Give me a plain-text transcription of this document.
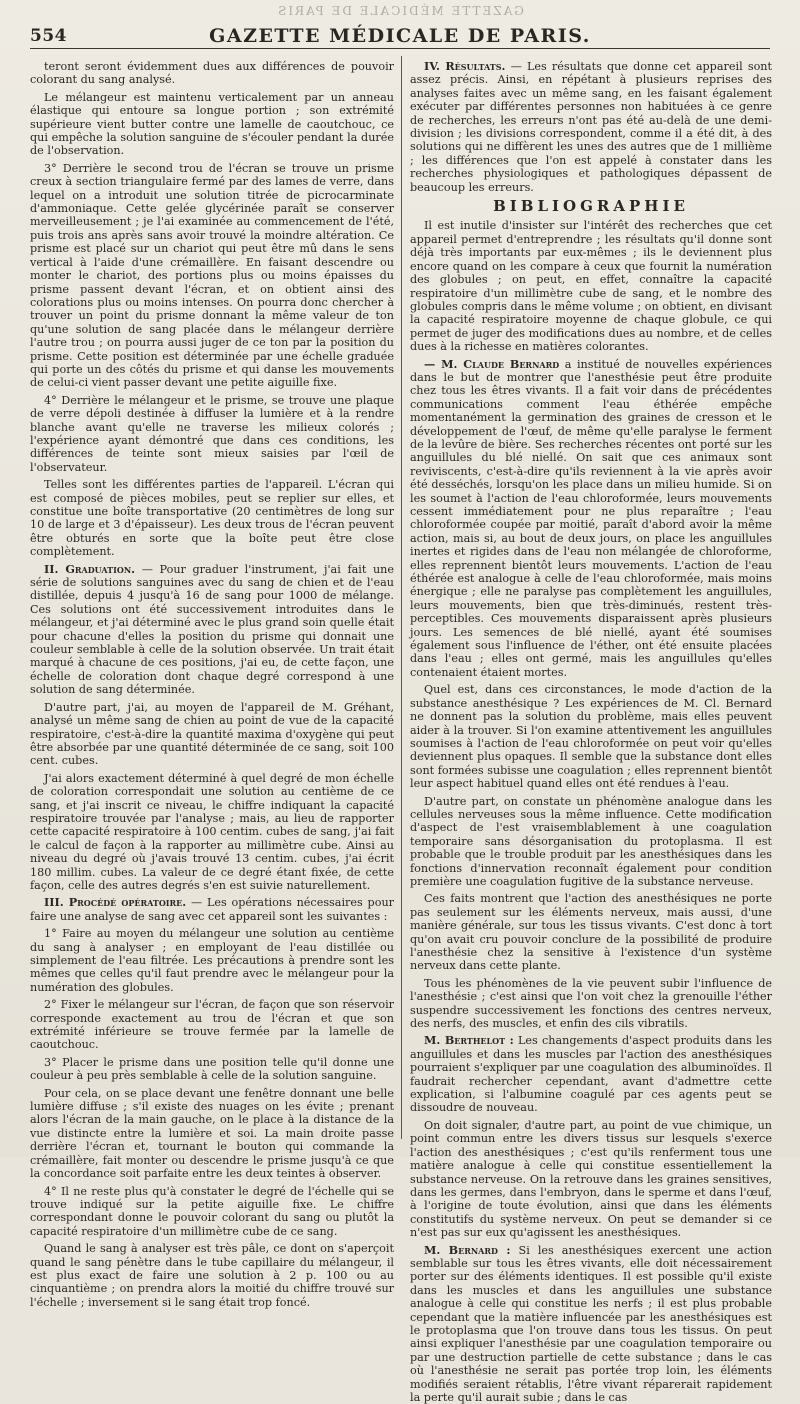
GAZETTE MÉDICALE DE PARIS
554	GAZETTE MÉDICALE DE PARIS.

teront seront évidemment dues aux différences de pouvoir colorant du sang analysé.

Le mélangeur est maintenu verticalement par un anneau élastique qui entoure sa longue portion ; son extrémité supérieure vient butter contre une lamelle de caoutchouc, ce qui empêche la solution sanguine de s'écouler pendant la durée de l'observation.

3° Derrière le second trou de l'écran se trouve un prisme creux à section triangulaire fermé par des lames de verre, dans lequel on a introduit une solution titrée de picrocarminate d'ammoniaque. Cette gelée glycérinée paraît se conserver merveilleusement ; je l'ai examinée au commencement de l'été, puis trois ans après sans avoir trouvé la moindre altération. Ce prisme est placé sur un chariot qui peut être mû dans le sens vertical à l'aide d'une crémaillère. En faisant descendre ou monter le chariot, des portions plus ou moins épaisses du prisme passent devant l'écran, et on obtient ainsi des colorations plus ou moins intenses. On pourra donc chercher à trouver un point du prisme donnant la même valeur de ton qu'une solution de sang placée dans le mélangeur derrière l'autre trou ; on pourra aussi juger de ce ton par la position du prisme. Cette position est déterminée par une échelle graduée qui porte un des côtés du prisme et qui danse les mouvements de celui-ci vient passer devant une petite aiguille fixe.

4° Derrière le mélangeur et le prisme, se trouve une plaque de verre dépoli destinée à diffuser la lumière et à la rendre blanche avant qu'elle ne traverse les milieux colorés ; l'expérience ayant démontré que dans ces conditions, les différences de teinte sont mieux saisies par l'œil de l'observateur.

Telles sont les différentes parties de l'appareil. L'écran qui est composé de pièces mobiles, peut se replier sur elles, et constitue une boîte transportative (20 centimètres de long sur 10 de large et 3 d'épaisseur). Les deux trous de l'écran peuvent être obturés en sorte que la boîte peut être close complètement.

II. Graduation. — Pour graduer l'instrument, j'ai fait une série de solutions sanguines avec du sang de chien et de l'eau distillée, depuis 4 jusqu'à 16 de sang pour 1000 de mélange. Ces solutions ont été successivement introduites dans le mélangeur, et j'ai déterminé avec le plus grand soin quelle était pour chacune d'elles la position du prisme qui donnait une couleur semblable à celle de la solution observée. Un trait était marqué à chacune de ces positions, j'ai eu, de cette façon, une échelle de coloration dont chaque degré correspond à une solution de sang déterminée.

D'autre part, j'ai, au moyen de l'appareil de M. Gréhant, analysé un même sang de chien au point de vue de la capacité respiratoire, c'est-à-dire la quantité maxima d'oxygène qui peut être absorbée par une quantité déterminée de ce sang, soit 100 cent. cubes.

J'ai alors exactement déterminé à quel degré de mon échelle de coloration correspondait une solution au centième de ce sang, et j'ai inscrit ce niveau, le chiffre indiquant la capacité respiratoire trouvée par l'analyse ; mais, au lieu de rapporter cette capacité respiratoire à 100 centim. cubes de sang, j'ai fait le calcul de façon à la rapporter au millimètre cube. Ainsi au niveau du degré où j'avais trouvé 13 centim. cubes, j'ai écrit 180 millim. cubes. La valeur de ce degré étant fixée, de cette façon, celle des autres degrés s'en est suivie naturellement.

III. Procédé opératoire. — Les opérations nécessaires pour faire une analyse de sang avec cet appareil sont les suivantes :

1° Faire au moyen du mélangeur une solution au centième du sang à analyser ; en employant de l'eau distillée ou simplement de l'eau filtrée. Les précautions à prendre sont les mêmes que celles qu'il faut prendre avec le mélangeur pour la numération des globules.

2° Fixer le mélangeur sur l'écran, de façon que son réservoir corresponde exactement au trou de l'écran et que son extrémité inférieure se trouve fermée par la lamelle de caoutchouc.

3° Placer le prisme dans une position telle qu'il donne une couleur à peu près semblable à celle de la solution sanguine.

Pour cela, on se place devant une fenêtre donnant une belle lumière diffuse ; s'il existe des nuages on les évite ; prenant alors l'écran de la main gauche, on le place à la distance de la vue distincte entre la lumière et soi. La main droite passe derrière l'écran et, tournant le bouton qui commande la crémaillère, fait monter ou descendre le prisme jusqu'à ce que la concordance soit parfaite entre les deux teintes à observer.

4° Il ne reste plus qu'à constater le degré de l'échelle qui se trouve indiqué sur la petite aiguille fixe. Le chiffre correspondant donne le pouvoir colorant du sang ou plutôt la capacité respiratoire d'un millimètre cube de ce sang.

Quand le sang à analyser est très pâle, ce dont on s'aperçoit quand le sang pénètre dans le tube capillaire du mélangeur, il est plus exact de faire une solution à 2 p. 100 ou au cinquantième ; on prendra alors la moitié du chiffre trouvé sur l'échelle ; inversement si le sang était trop foncé.

IV. Résultats. — Les résultats que donne cet appareil sont assez précis. Ainsi, en répétant à plusieurs reprises des analyses faites avec un même sang, en les faisant également exécuter par différentes personnes non habituées à ce genre de recherches, les erreurs n'ont pas été au-delà de une demi-division ; les divisions correspondent, comme il a été dit, à des solutions qui ne diffèrent les unes des autres que de 1 millième ; les différences que l'on est appelé à constater dans les recherches physiologiques et pathologiques dépassent de beaucoup les erreurs.

BIBLIOGRAPHIE

Il est inutile d'insister sur l'intérêt des recherches que cet appareil permet d'entreprendre ; les résultats qu'il donne sont déjà très importants par eux-mêmes ; ils le deviennent plus encore quand on les compare à ceux que fournit la numération des globules ; on peut, en effet, connaître la capacité respiratoire d'un millimètre cube de sang, et le nombre des globules compris dans le même volume ; on obtient, en divisant la capacité respiratoire moyenne de chaque globule, ce qui permet de juger des modifications dues au nombre, et de celles dues à la richesse en matières colorantes.

— M. Claude Bernard a institué de nouvelles expériences dans le but de montrer que l'anesthésie peut être produite chez tous les êtres vivants. Il a fait voir dans de précédentes communications comment l'eau éthérée empêche momentanément la germination des graines de cresson et le développement de l'œuf, de même qu'elle paralyse le ferment de la levûre de bière. Ses recherches récentes ont porté sur les anguillules du blé niellé. On sait que ces animaux sont reviviscents, c'est-à-dire qu'ils reviennent à la vie après avoir été desséchés, lorsqu'on les place dans un milieu humide. Si on les soumet à l'action de l'eau chloroformée, leurs mouvements cessent immédiatement pour ne plus reparaître ; l'eau chloroformée coupée par moitié, paraît d'abord avoir la même action, mais si, au bout de deux jours, on place les anguillules inertes et rigides dans de l'eau non mélangée de chloroforme, elles reprennent bientôt leurs mouvements. L'action de l'eau éthérée est analogue à celle de l'eau chloroformée, mais moins énergique ; elle ne paralyse pas complètement les anguillules, leurs mouvements, bien que très-diminués, restent très-perceptibles. Ces mouvements disparaissent après plusieurs jours. Les semences de blé niellé, ayant été soumises également sous l'influence de l'éther, ont été ensuite placées dans l'eau ; elles ont germé, mais les anguillules qu'elles contenaient étaient mortes.

Quel est, dans ces circonstances, le mode d'action de la substance anesthésique ? Les expériences de M. Cl. Bernard ne donnent pas la solution du problème, mais elles peuvent aider à la trouver. Si l'on examine attentivement les anguillules soumises à l'action de l'eau chloroformée on peut voir qu'elles deviennent plus opaques. Il semble que la substance dont elles sont formées subisse une coagulation ; elles reprennent bientôt leur aspect habituel quand elles ont été rendues à l'eau.

D'autre part, on constate un phénomène analogue dans les cellules nerveuses sous la même influence. Cette modification d'aspect de l'est vraisemblablement à une coagulation temporaire sans désorganisation du protoplasma. Il est probable que le trouble produit par les anesthésiques dans les fonctions d'innervation reconnaît également pour condition première une coagulation fugitive de la substance nerveuse.

Ces faits montrent que l'action des anesthésiques ne porte pas seulement sur les éléments nerveux, mais aussi, d'une manière générale, sur tous les tissus vivants. C'est donc à tort qu'on avait cru pouvoir conclure de la possibilité de produire l'anesthésie chez la sensitive à l'existence d'un système nerveux dans cette plante.

Tous les phénomènes de la vie peuvent subir l'influence de l'anesthésie ; c'est ainsi que l'on voit chez la grenouille l'éther suspendre successivement les fonctions des centres nerveux, des nerfs, des muscles, et enfin des cils vibratils.

M. Berthelot : Les changements d'aspect produits dans les anguillules et dans les muscles par l'action des anesthésiques pourraient s'expliquer par une coagulation des albuminoïdes. Il faudrait rechercher cependant, avant d'admettre cette explication, si l'albumine coagulé par ces agents peut se dissoudre de nouveau.

On doit signaler, d'autre part, au point de vue chimique, un point commun entre les divers tissus sur lesquels s'exerce l'action des anesthésiques ; c'est qu'ils renferment tous une matière analogue à celle qui constitue essentiellement la substance nerveuse. On la retrouve dans les graines sensitives, dans les germes, dans l'embryon, dans le sperme et dans l'œuf, à l'origine de toute évolution, ainsi que dans les éléments constitutifs du système nerveux. On peut se demander si ce n'est pas sur eux qu'agissent les anesthésiques.

M. Bernard : Si les anesthésiques exercent une action semblable sur tous les êtres vivants, elle doit nécessairement porter sur des éléments identiques. Il est possible qu'il existe dans les muscles et dans les anguillules une substance analogue à celle qui constitue les nerfs ; il est plus probable cependant que la matière influencée par les anesthésiques est le protoplasma que l'on trouve dans tous les tissus. On peut ainsi expliquer l'anesthésie par une coagulation temporaire ou par une destruction partielle de cette substance ; dans le cas où l'anesthésie ne serait pas portée trop loin, les éléments modifiés seraient rétablis, l'être vivant réparerait rapidement la perte qu'il aurait subie ; dans le cas
